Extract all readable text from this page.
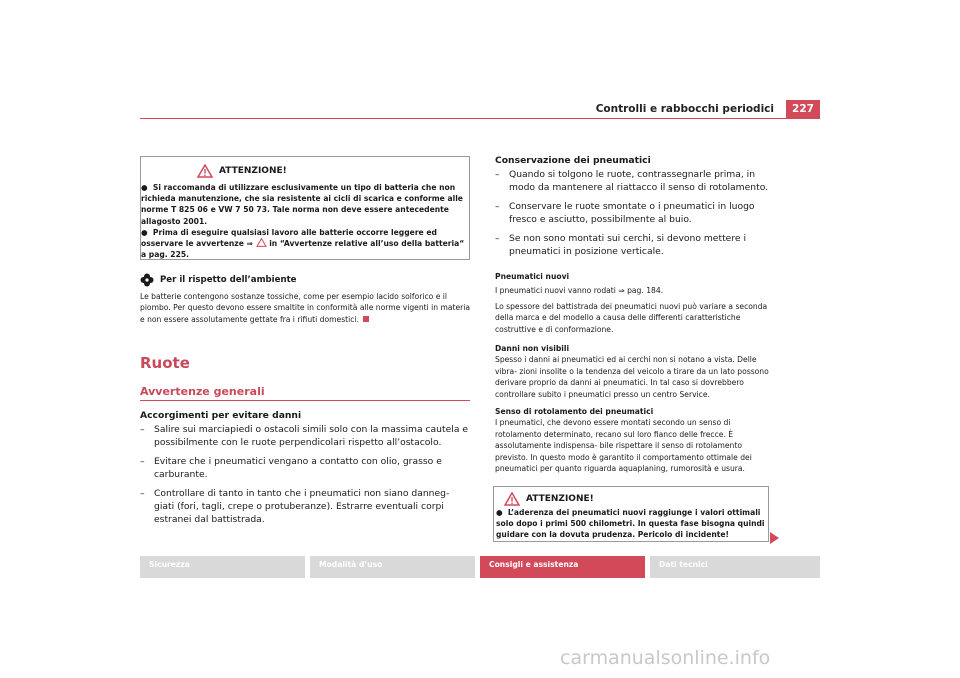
Controlli e rabbocchi periodici	227
ATTENZIONE!
●  Si raccomanda di utilizzare esclusivamente un tipo di batteria che non richieda manutenzione, che sia resistente ai cicli di scarica e conforme alle norme T 825 06 e VW 7 50 73. Tale norma non deve essere antecedente allagosto 2001.
●  Prima di eseguire qualsiasi lavoro alle batterie occorre leggere ed osservare le avvertenze ⇒ in “Avvertenze relative all’uso della batteria“ a pag. 225.
Per il rispetto dell’ambiente
Le batterie contengono sostanze tossiche, come per esempio lacido solforico e il piombo. Per questo devono essere smaltite in conformità alle norme vigenti in materia e non essere assolutamente gettate fra i rifiuti domestici.
Ruote
Avvertenze generali
Accorgimenti per evitare danni
–	Salire sui marciapiedi o ostacoli simili solo con la massima cautela e possibilmente con le ruote perpendicolari rispetto all’ostacolo.
–	Evitare che i pneumatici vengano a contatto con olio, grasso e carburante.
–	Controllare di tanto in tanto che i pneumatici non siano danneg- giati (fori, tagli, crepe o protuberanze). Estrarre eventuali corpi estranei dal battistrada.
Conservazione dei pneumatici
–	Quando si tolgono le ruote, contrassegnarle prima, in modo da mantenere al riattacco il senso di rotolamento.
–	Conservare le ruote smontate o i pneumatici in luogo fresco e asciutto, possibilmente al buio.
–	Se non sono montati sui cerchi, si devono mettere i pneumatici in posizione verticale.
Pneumatici nuovi
I pneumatici nuovi vanno rodati ⇒ pag. 184.
Lo spessore del battistrada dei pneumatici nuovi può variare a seconda della marca e del modello a causa delle differenti caratteristiche costruttive e di conformazione.
Danni non visibili
Spesso i danni ai pneumatici ed ai cerchi non si notano a vista. Delle vibra- zioni insolite o la tendenza del veicolo a tirare da un lato possono derivare proprio da danni ai pneumatici. In tal caso si dovrebbero controllare subito i pneumatici presso un centro Service.
Senso di rotolamento dei pneumatici
I pneumatici, che devono essere montati secondo un senso di rotolamento determinato, recano sul loro fianco delle frecce. È assolutamente indispensa- bile rispettare il senso di rotolamento previsto. In questo modo è garantito il comportamento ottimale dei pneumatici per quanto riguarda aquaplaning, rumorosità e usura.
ATTENZIONE!
●  L’aderenza dei pneumatici nuovi raggiunge i valori ottimali solo dopo i primi 500 chilometri. In questa fase bisogna quindi guidare con la dovuta prudenza. Pericolo di incidente!
Sicurezza	Modalità d’uso	Consigli e assistenza	Dati tecnici
carmanualsonline.info
